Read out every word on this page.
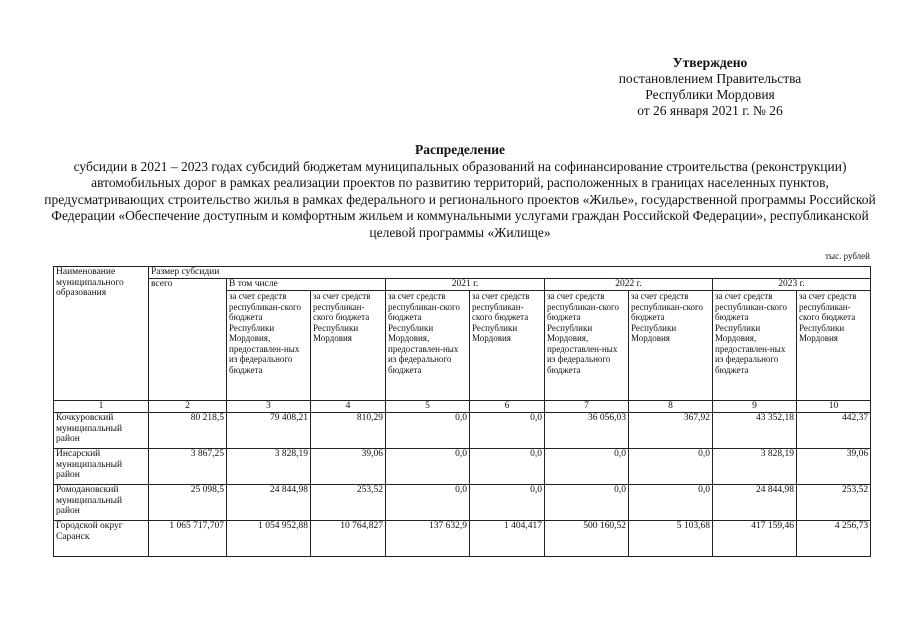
Утверждено
постановлением Правительства
Республики Мордовия
от 26 января 2021 г. № 26
Распределение
субсидии в 2021 – 2023 годах субсидий бюджетам муниципальных образований на софинансирование строительства (реконструкции) автомобильных дорог в рамках реализации проектов по развитию территорий, расположенных в границах населенных пунктов, предусматривающих строительство жилья в рамках федерального и регионального проектов «Жилье», государственной программы Российской Федерации «Обеспечение доступным и комфортным жильем и коммунальными услугами граждан Российской Федерации», республиканской целевой программы «Жилище»
тыс. рублей
Наименование муниципального образования	Размер субсидии								
	всего	В том числе		2021 г.		2022 г.		2023 г.	
		за счет средств республикан-ского бюджета Республики Мордовия, предоставлен-ных из федерального бюджета	за счет средств республикан-ского бюджета Республики Мордовия	за счет средств республикан-ского бюджета Республики Мордовия, предоставлен-ных из федерального бюджета	за счет средств республикан-ского бюджета Республики Мордовия	за счет средств республикан-ского бюджета Республики Мордовия, предоставлен-ных из федерального бюджета	за счет средств республикан-ского бюджета Республики Мордовия	за счет средств республикан-ского бюджета Республики Мордовия, предоставлен-ных из федерального бюджета	за счет средств республикан-ского бюджета Республики Мордовия
1	2	3	4	5	6	7	8	9	10
Кочкуровский муниципальный район	80 218,5	79 408,21	810,29	0,0	0,0	36 056,03	367,92	43 352,18	442,37
Инсарский муниципальный район	3 867,25	3 828,19	39,06	0,0	0,0	0,0	0,0	3 828,19	39,06
Ромодановский муниципальный район	25 098,5	24 844,98	253,52	0,0	0,0	0,0	0,0	24 844,98	253,52
Городской округ Саранск	1 065 717,707	1 054 952,88	10 764,827	137 632,9	1 404,417	500 160,52	5 103,68	417 159,46	4 256,73
